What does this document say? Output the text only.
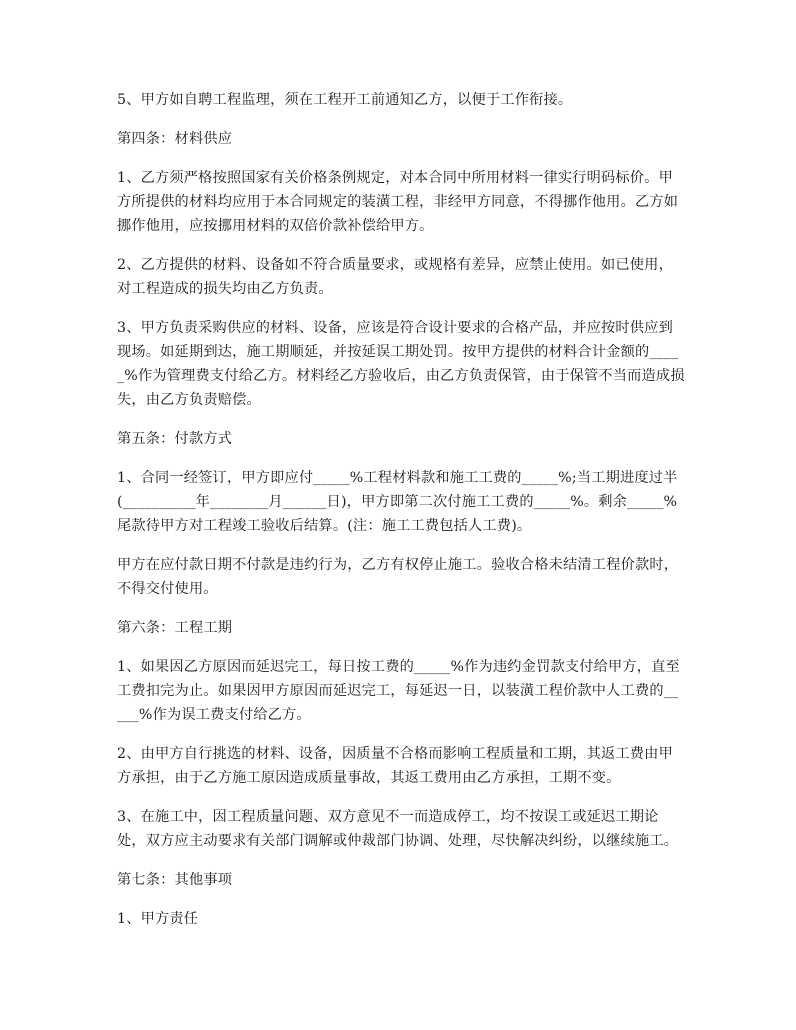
5、甲方如自聘工程监理，须在工程开工前通知乙方，以便于工作衔接。

第四条：材料供应

1、乙方须严格按照国家有关价格条例规定，对本合同中所用材料一律实行明码标价。甲方所提供的材料均应用于本合同规定的装潢工程，非经甲方同意，不得挪作他用。乙方如挪作他用，应按挪用材料的双倍价款补偿给甲方。

2、乙方提供的材料、设备如不符合质量要求，或规格有差异，应禁止使用。如已使用，对工程造成的损失均由乙方负责。

3、甲方负责采购供应的材料、设备，应该是符合设计要求的合格产品，并应按时供应到现场。如延期到达，施工期顺延，并按延误工期处罚。按甲方提供的材料合计金额的_____%作为管理费支付给乙方。材料经乙方验收后，由乙方负责保管，由于保管不当而造成损失，由乙方负责赔偿。

第五条：付款方式

1、合同一经签订，甲方即应付_____%工程材料款和施工工费的_____%;当工期进度过半(__________年________月______日)，甲方即第二次付施工工费的_____%。剩余_____%尾款待甲方对工程竣工验收后结算。(注：施工工费包括人工费)。

甲方在应付款日期不付款是违约行为，乙方有权停止施工。验收合格未结清工程价款时，不得交付使用。

第六条：工程工期

1、如果因乙方原因而延迟完工，每日按工费的_____%作为违约金罚款支付给甲方，直至工费扣完为止。如果因甲方原因而延迟完工，每延迟一日，以装潢工程价款中人工费的_____%作为误工费支付给乙方。

2、由甲方自行挑选的材料、设备，因质量不合格而影响工程质量和工期，其返工费由甲方承担，由于乙方施工原因造成质量事故，其返工费用由乙方承担，工期不变。

3、在施工中，因工程质量问题、双方意见不一而造成停工，均不按误工或延迟工期论处，双方应主动要求有关部门调解或仲裁部门协调、处理，尽快解决纠纷，以继续施工。

第七条：其他事项

1、甲方责任
